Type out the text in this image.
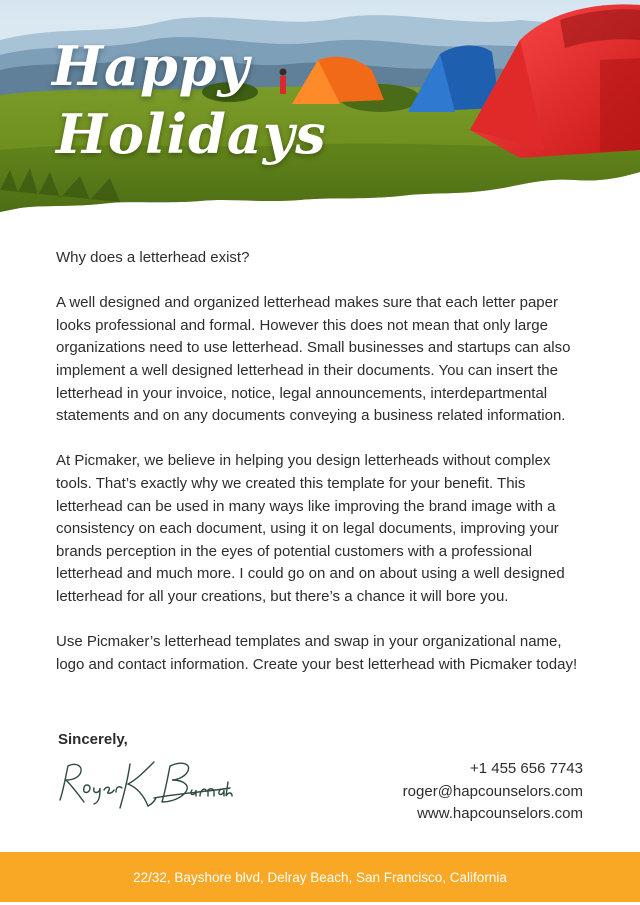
Happy
Holidays

Why does a letterhead exist?

A well designed and organized letterhead makes sure that each letter paper looks professional and formal. However this does not mean that only large organizations need to use letterhead. Small businesses and startups can also implement a well designed letterhead in their documents. You can insert the letterhead in your invoice, notice, legal announcements, interdepartmental statements and on any documents conveying a business related information.

At Picmaker, we believe in helping you design letterheads without complex tools. That’s exactly why we created this template for your benefit. This letterhead can be used in many ways like improving the brand image with a consistency on each document, using it on legal documents, improving your brands perception in the eyes of potential customers with a professional letterhead and much more. I could go on and on about using a well designed letterhead for all your creations, but there’s a chance it will bore you.

Use Picmaker’s letterhead templates and swap in your organizational name, logo and contact information. Create your best letterhead with Picmaker today!

Sincerely,
+1 455 656 7743
roger@hapcounselors.com
www.hapcounselors.com
22/32, Bayshore blvd, Delray Beach, San Francisco, California
